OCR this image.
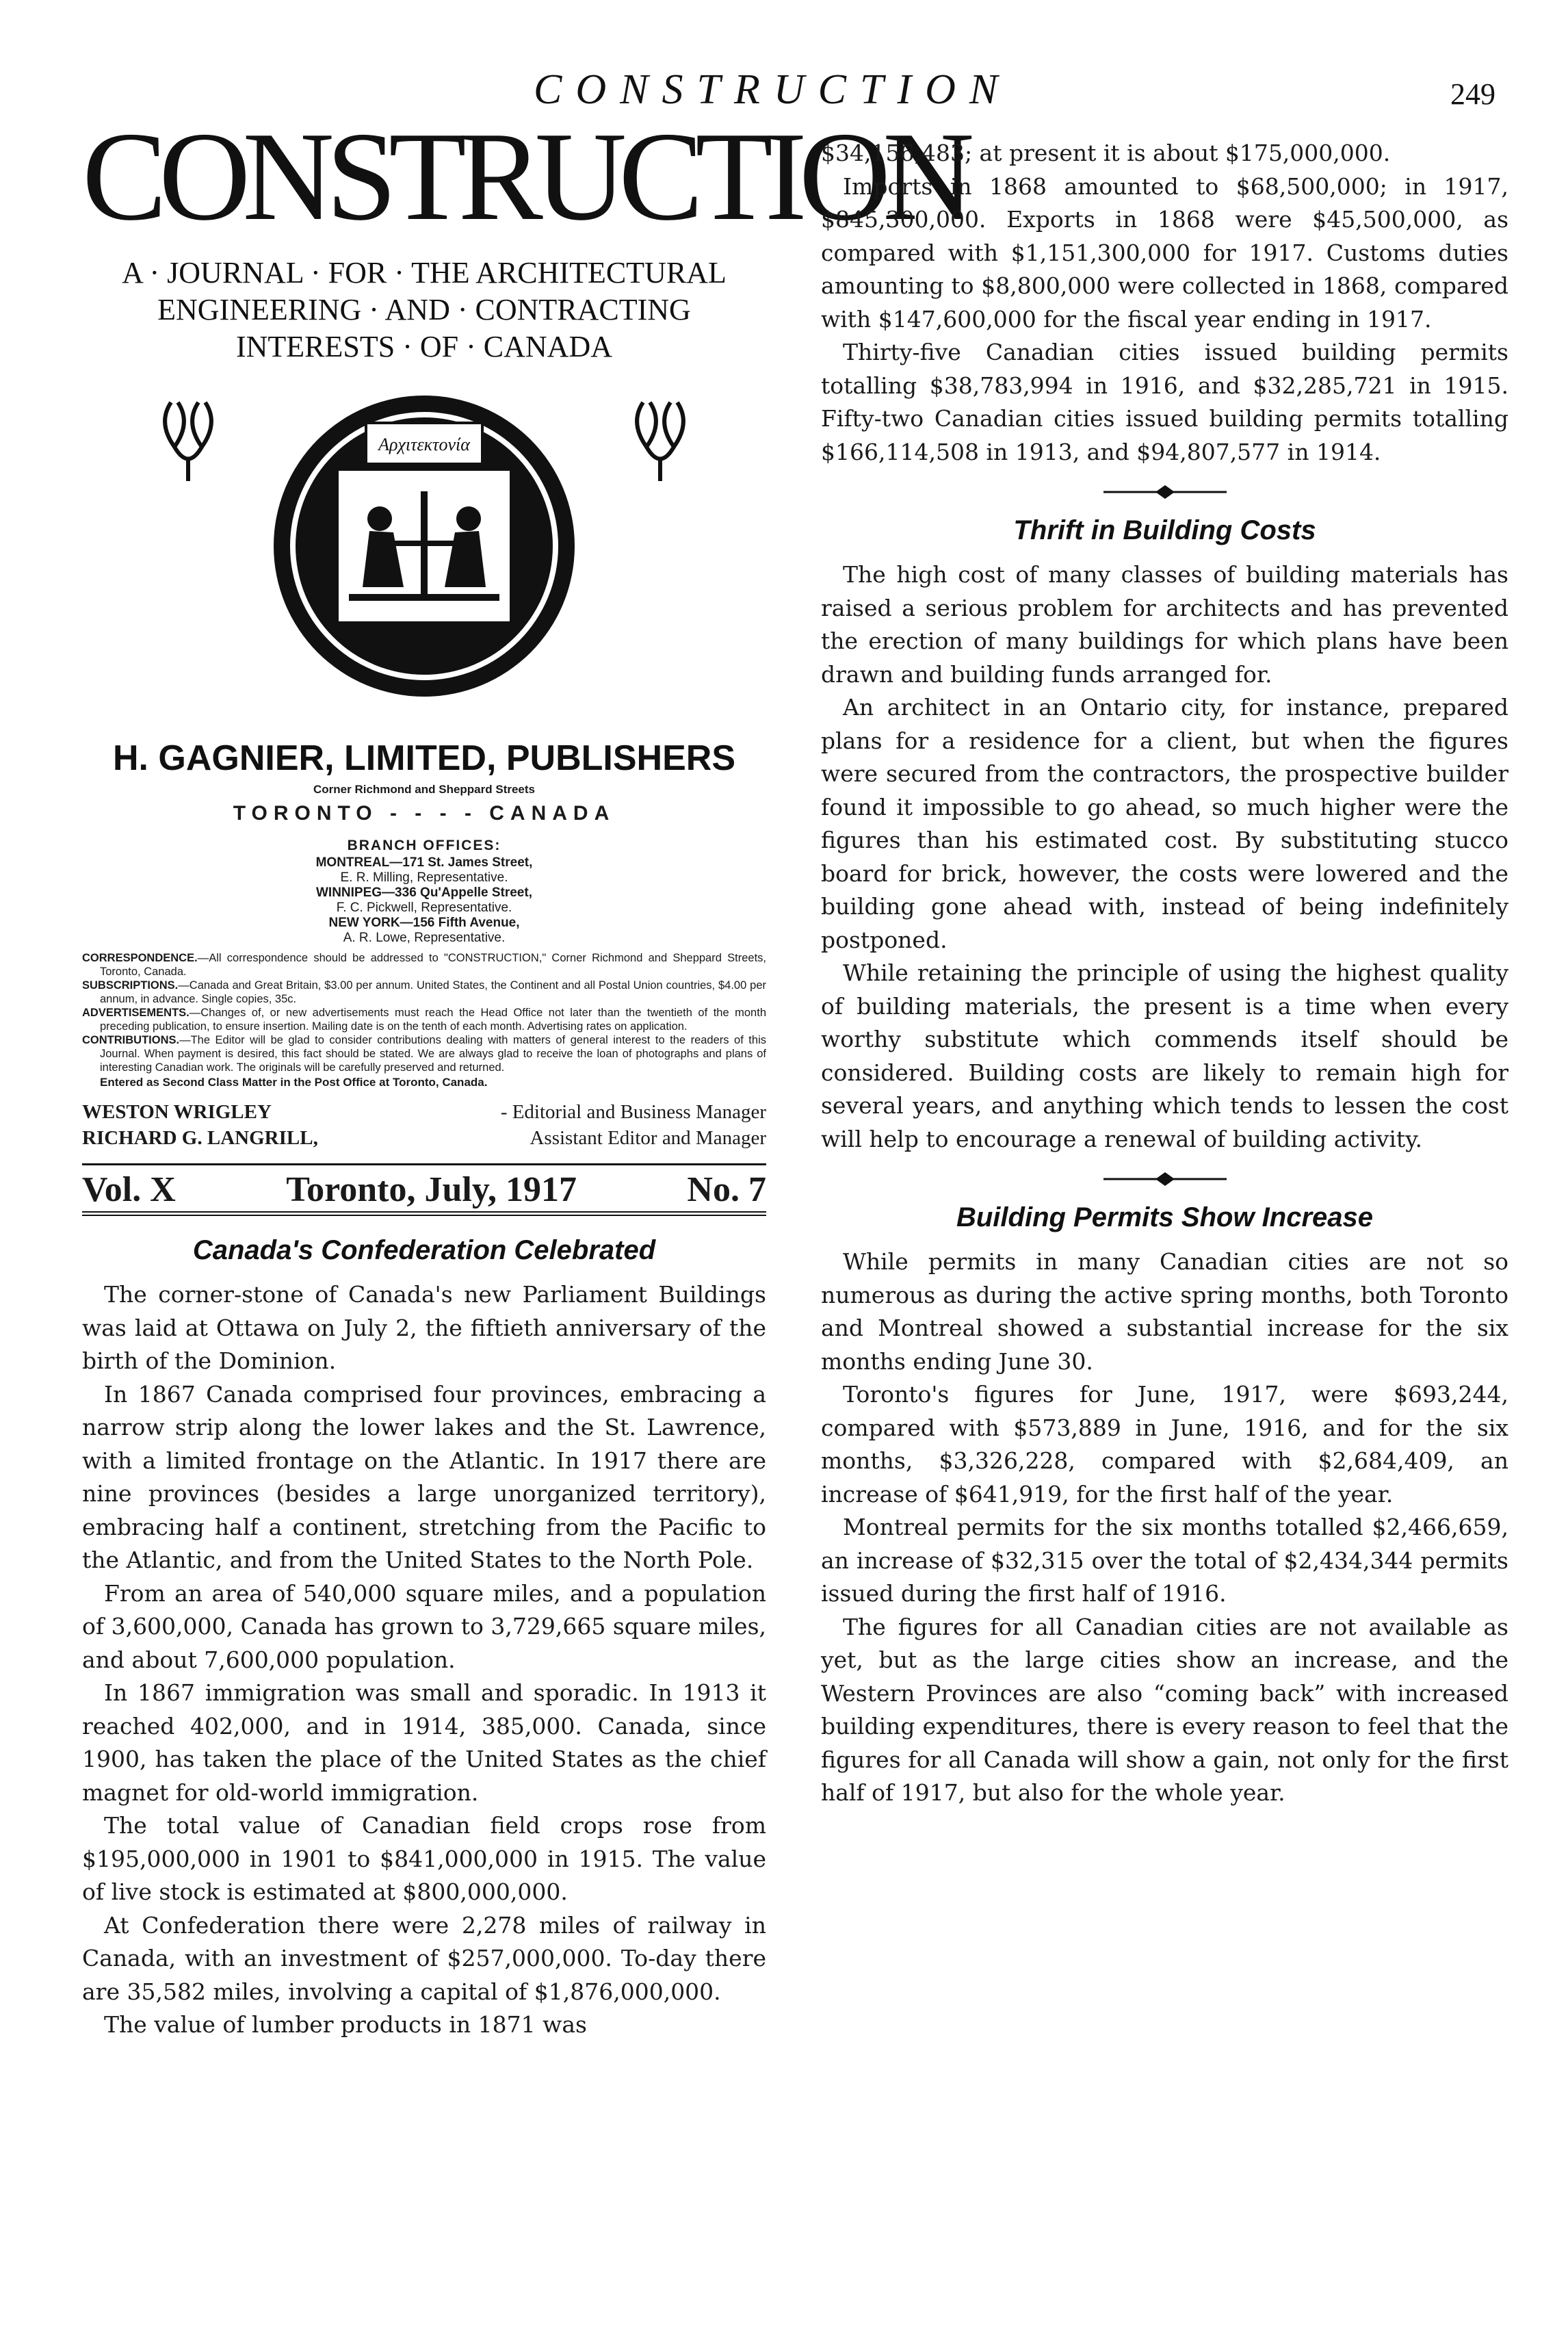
CONSTRUCTION	249
CONSTRUCTION

A · JOURNAL · FOR · THE ARCHITECTURAL
ENGINEERING · AND · CONTRACTING
INTERESTS · OF · CANADA

Αρχιτεκτονία
H. GAGNIER, LIMITED, PUBLISHERS
Corner Richmond and Sheppard Streets
TORONTO - - - - CANADA
BRANCH OFFICES:

MONTREAL—171 St. James Street,

E. R. Milling, Representative.

WINNIPEG—336 Qu'Appelle Street,

F. C. Pickwell, Representative.

NEW YORK—156 Fifth Avenue,

A. R. Lowe, Representative.

CORRESPONDENCE.—All correspondence should be addressed to "CONSTRUCTION," Corner Richmond and Sheppard Streets, Toronto, Canada.

SUBSCRIPTIONS.—Canada and Great Britain, $3.00 per annum. United States, the Continent and all Postal Union countries, $4.00 per annum, in advance. Single copies, 35c.

ADVERTISEMENTS.—Changes of, or new advertisements must reach the Head Office not later than the twentieth of the month preceding publication, to ensure insertion. Mailing date is on the tenth of each month. Advertising rates on application.

CONTRIBUTIONS.—The Editor will be glad to consider contributions dealing with matters of general interest to the readers of this Journal. When payment is desired, this fact should be stated. We are always glad to receive the loan of photographs and plans of interesting Canadian work. The originals will be carefully preserved and returned.

Entered as Second Class Matter in the Post Office at Toronto, Canada.
WESTON WRIGLEY	- Editorial and Business Manager
RICHARD G. LANGRILL,	Assistant Editor and Manager
Vol. X	Toronto, July, 1917	No. 7
Canada's Confederation Celebrated

The corner-stone of Canada's new Parliament Buildings was laid at Ottawa on July 2, the fiftieth anniversary of the birth of the Dominion.

In 1867 Canada comprised four provinces, embracing a narrow strip along the lower lakes and the St. Lawrence, with a limited frontage on the Atlantic. In 1917 there are nine provinces (besides a large unorganized territory), embracing half a continent, stretching from the Pacific to the Atlantic, and from the United States to the North Pole.

From an area of 540,000 square miles, and a population of 3,600,000, Canada has grown to 3,729,665 square miles, and about 7,600,000 population.

In 1867 immigration was small and sporadic. In 1913 it reached 402,000, and in 1914, 385,000. Canada, since 1900, has taken the place of the United States as the chief magnet for old-world immigration.

The total value of Canadian field crops rose from $195,000,000 in 1901 to $841,000,000 in 1915. The value of live stock is estimated at $800,000,000.

At Confederation there were 2,278 miles of railway in Canada, with an investment of $257,000,000. To-day there are 35,582 miles, involving a capital of $1,876,000,000.

The value of lumber products in 1871 was

$34,156,483; at present it is about $175,000,000.

Imports in 1868 amounted to $68,500,000; in 1917, $845,300,000. Exports in 1868 were $45,500,000, as compared with $1,151,300,000 for 1917. Customs duties amounting to $8,800,000 were collected in 1868, compared with $147,600,000 for the fiscal year ending in 1917.

Thirty-five Canadian cities issued building permits totalling $38,783,994 in 1916, and $32,285,721 in 1915. Fifty-two Canadian cities issued building permits totalling $166,114,508 in 1913, and $94,807,577 in 1914.

Thrift in Building Costs

The high cost of many classes of building materials has raised a serious problem for architects and has prevented the erection of many buildings for which plans have been drawn and building funds arranged for.

An architect in an Ontario city, for instance, prepared plans for a residence for a client, but when the figures were secured from the contractors, the prospective builder found it impossible to go ahead, so much higher were the figures than his estimated cost. By substituting stucco board for brick, however, the costs were lowered and the building gone ahead with, instead of being indefinitely postponed.

While retaining the principle of using the highest quality of building materials, the present is a time when every worthy substitute which commends itself should be considered. Building costs are likely to remain high for several years, and anything which tends to lessen the cost will help to encourage a renewal of building activity.

Building Permits Show Increase

While permits in many Canadian cities are not so numerous as during the active spring months, both Toronto and Montreal showed a substantial increase for the six months ending June 30.

Toronto's figures for June, 1917, were $693,244, compared with $573,889 in June, 1916, and for the six months, $3,326,228, compared with $2,684,409, an increase of $641,919, for the first half of the year.

Montreal permits for the six months totalled $2,466,659, an increase of $32,315 over the total of $2,434,344 permits issued during the first half of 1916.

The figures for all Canadian cities are not available as yet, but as the large cities show an increase, and the Western Provinces are also “coming back” with increased building expenditures, there is every reason to feel that the figures for all Canada will show a gain, not only for the first half of 1917, but also for the whole year.
